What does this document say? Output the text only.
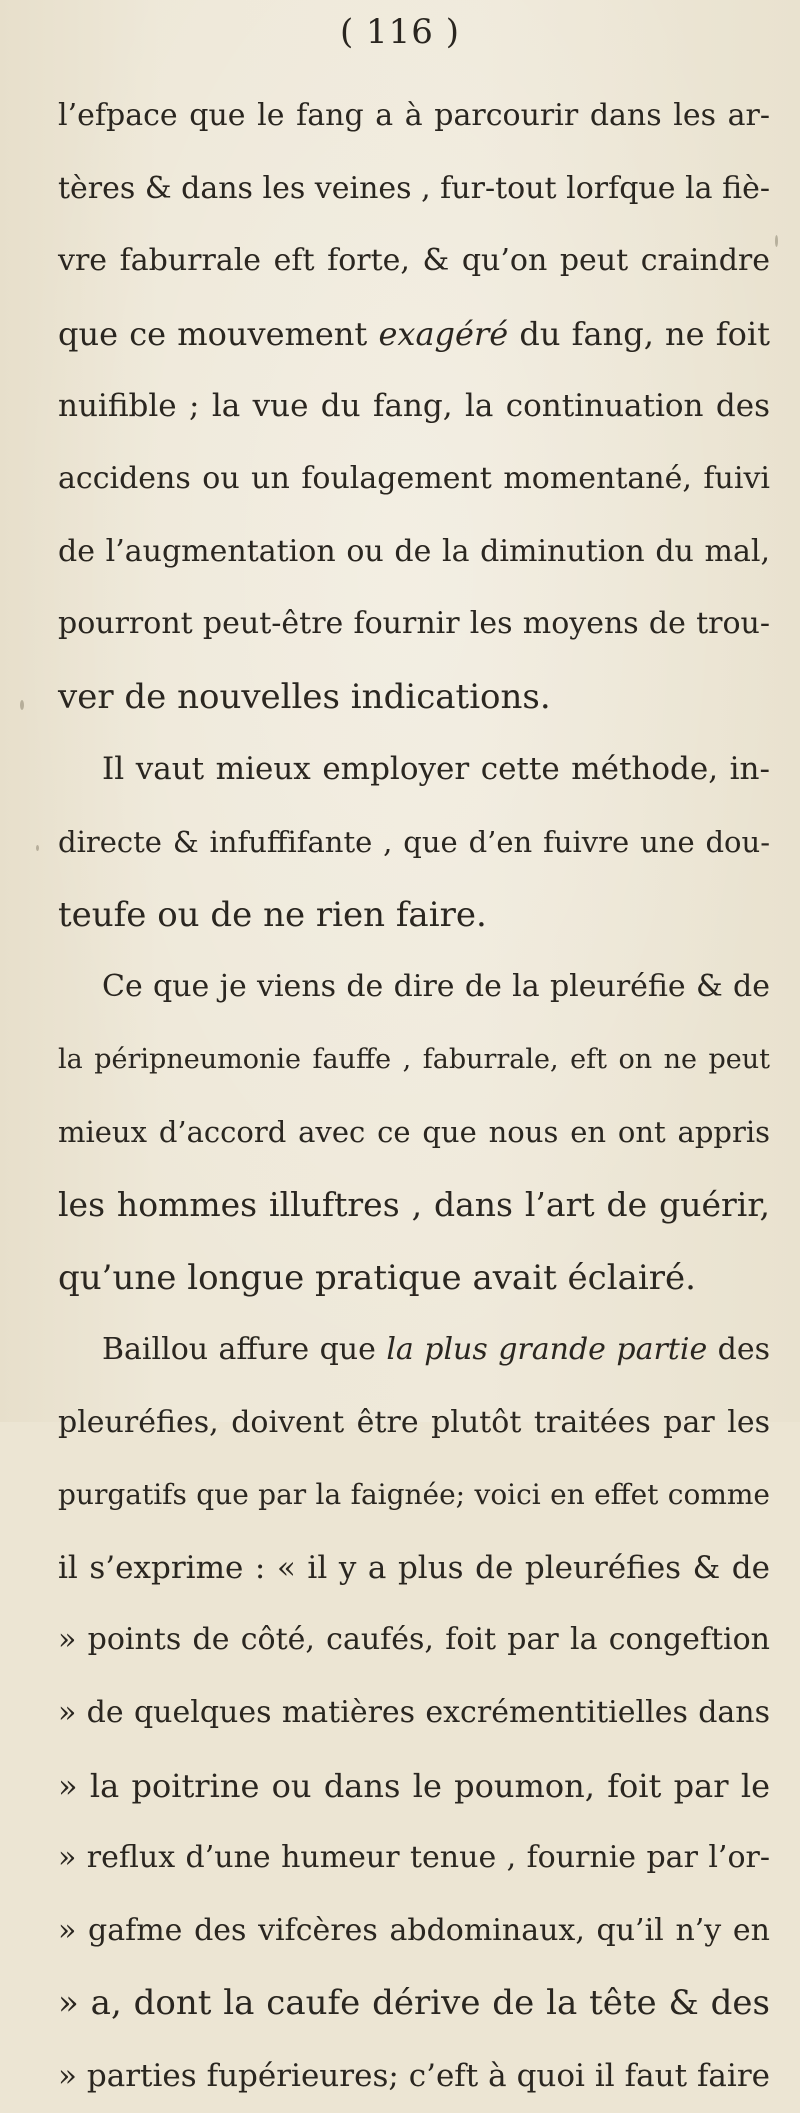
( 116 )
l’efpace que le fang a à parcourir dans les ar-
tères & dans les veines , fur-tout lorfque la fiè-
vre faburrale eft forte, & qu’on peut craindre
que ce mouvement exagéré du fang, ne foit
nuifible ; la vue du fang, la continuation des
accidens ou un foulagement momentané, fuivi
de l’augmentation ou de la diminution du mal,
pourront peut-être fournir les moyens de trou-
ver de nouvelles indications.
Il vaut mieux employer cette méthode, in-
directe & infuffifante , que d’en fuivre une dou-
teufe ou de ne rien faire.
Ce que je viens de dire de la pleuréfie & de
la péripneumonie fauffe , faburrale, eft on ne peut
mieux d’accord avec ce que nous en ont appris
les hommes illuftres , dans l’art de guérir,
qu’une longue pratique avait éclairé.
Baillou affure que la plus grande partie des
pleuréfies, doivent être plutôt traitées par les
purgatifs que par la faignée; voici en effet comme
il s’exprime : « il y a plus de pleuréfies & de
» points de côté, caufés, foit par la congeftion
» de quelques matières excrémentitielles dans
» la poitrine ou dans le poumon, foit par le
» reflux d’une humeur tenue , fournie par l’or-
» gafme des vifcères abdominaux, qu’il n’y en
» a, dont la caufe dérive de la tête & des
» parties fupérieures; c’eft à quoi il faut faire
